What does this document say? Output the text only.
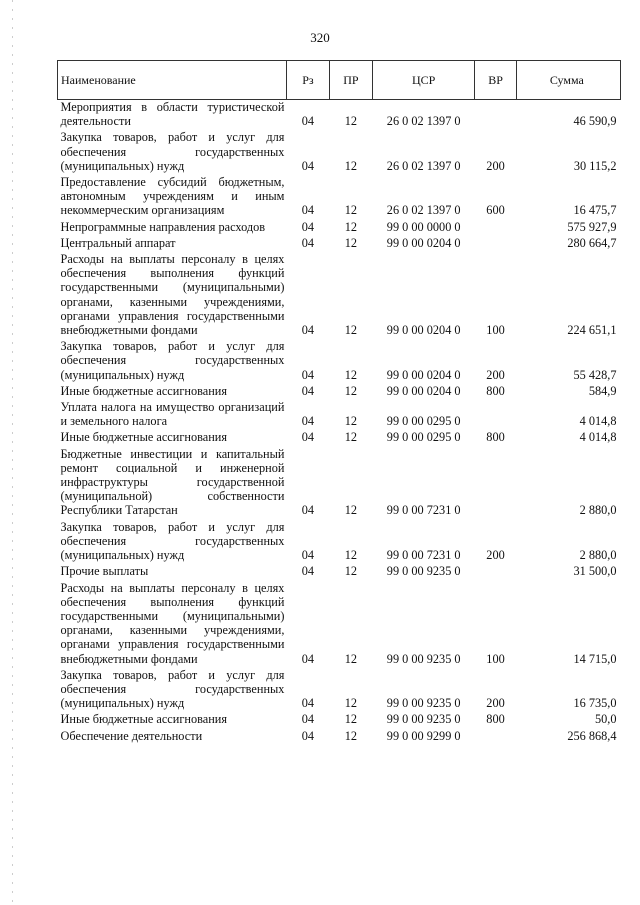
320
Наименование	Рз	ПР	ЦСР	ВР	Сумма
Мероприятия в области туристической деятельности	04	12	26 0 02 1397 0		46 590,9
Закупка товаров, работ и услуг для обеспечения государственных (муниципальных) нужд	04	12	26 0 02 1397 0	200	30 115,2
Предоставление субсидий бюджетным, автономным учреждениям и иным некоммерческим организациям	04	12	26 0 02 1397 0	600	16 475,7
Непрограммные направления расходов	04	12	99 0 00 0000 0		575 927,9
Центральный аппарат	04	12	99 0 00 0204 0		280 664,7
Расходы на выплаты персоналу в целях обеспечения выполнения функций государственными (муниципальными) органами, казенными учреждениями, органами управления государственными внебюджетными фондами	04	12	99 0 00 0204 0	100	224 651,1
Закупка товаров, работ и услуг для обеспечения государственных (муниципальных) нужд	04	12	99 0 00 0204 0	200	55 428,7
Иные бюджетные ассигнования	04	12	99 0 00 0204 0	800	584,9
Уплата налога на имущество организаций и земельного налога	04	12	99 0 00 0295 0		4 014,8
Иные бюджетные ассигнования	04	12	99 0 00 0295 0	800	4 014,8
Бюджетные инвестиции и капитальный ремонт социальной и инженерной инфраструктуры государственной (муниципальной) собственности Республики Татарстан	04	12	99 0 00 7231 0		2 880,0
Закупка товаров, работ и услуг для обеспечения государственных (муниципальных) нужд	04	12	99 0 00 7231 0	200	2 880,0
Прочие выплаты	04	12	99 0 00 9235 0		31 500,0
Расходы на выплаты персоналу в целях обеспечения выполнения функций государственными (муниципальными) органами, казенными учреждениями, органами управления государственными внебюджетными фондами	04	12	99 0 00 9235 0	100	14 715,0
Закупка товаров, работ и услуг для обеспечения государственных (муниципальных) нужд	04	12	99 0 00 9235 0	200	16 735,0
Иные бюджетные ассигнования	04	12	99 0 00 9235 0	800	50,0
Обеспечение деятельности	04	12	99 0 00 9299 0		256 868,4
